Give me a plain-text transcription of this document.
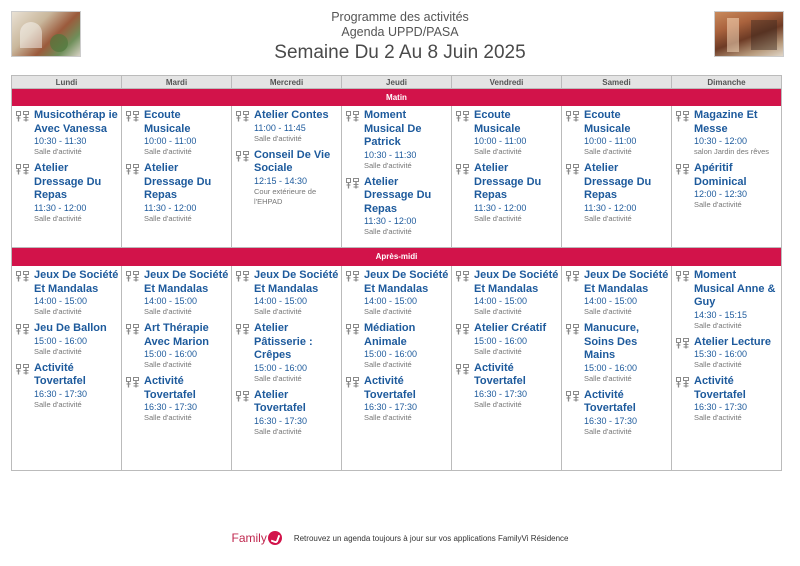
Programme des activités
Agenda UPPD/PASA
Semaine Du 2 Au 8 Juin 2025
Lundi	Mardi	Mercredi	Jeudi	Vendredi	Samedi	Dimanche
Matin
Musicothérap ie Avec Vanessa
10:30 - 11:30
Salle d'activité
Atelier Dressage Du Repas
11:30 - 12:00
Salle d'activité
Ecoute Musicale
10:00 - 11:00
Salle d'activité
Atelier Dressage Du Repas
11:30 - 12:00
Salle d'activité
Atelier Contes
11:00 - 11:45
Salle d'activité
Conseil De Vie Sociale
12:15 - 14:30
Cour extérieure de l'EHPAD
Moment Musical De Patrick
10:30 - 11:30
Salle d'activité
Atelier Dressage Du Repas
11:30 - 12:00
Salle d'activité
Ecoute Musicale
10:00 - 11:00
Salle d'activité
Atelier Dressage Du Repas
11:30 - 12:00
Salle d'activité
Ecoute Musicale
10:00 - 11:00
Salle d'activité
Atelier Dressage Du Repas
11:30 - 12:00
Salle d'activité
Magazine Et Messe
10:30 - 12:00
salon Jardin des rêves
Apéritif Dominical
12:00 - 12:30
Salle d'activité
Après-midi
Jeux De Société Et Mandalas
14:00 - 15:00
Salle d'activité
Jeu De Ballon
15:00 - 16:00
Salle d'activité
Activité Tovertafel
16:30 - 17:30
Salle d'activité
Jeux De Société Et Mandalas
14:00 - 15:00
Salle d'activité
Art Thérapie Avec Marion
15:00 - 16:00
Salle d'activité
Activité Tovertafel
16:30 - 17:30
Salle d'activité
Jeux De Société Et Mandalas
14:00 - 15:00
Salle d'activité
Atelier Pâtisserie : Crêpes
15:00 - 16:00
Salle d'activité
Atelier Tovertafel
16:30 - 17:30
Salle d'activité
Jeux De Société Et Mandalas
14:00 - 15:00
Salle d'activité
Médiation Animale
15:00 - 16:00
Salle d'activité
Activité Tovertafel
16:30 - 17:30
Salle d'activité
Jeux De Société Et Mandalas
14:00 - 15:00
Salle d'activité
Atelier Créatif
15:00 - 16:00
Salle d'activité
Activité Tovertafel
16:30 - 17:30
Salle d'activité
Jeux De Société Et Mandalas
14:00 - 15:00
Salle d'activité
Manucure, Soins Des Mains
15:00 - 16:00
Salle d'activité
Activité Tovertafel
16:30 - 17:30
Salle d'activité
Moment Musical Anne & Guy
14:30 - 15:15
Salle d'activité
Atelier Lecture
15:30 - 16:00
Salle d'activité
Activité Tovertafel
16:30 - 17:30
Salle d'activité
Family	Retrouvez un agenda toujours à jour sur vos applications FamilyVi Résidence
